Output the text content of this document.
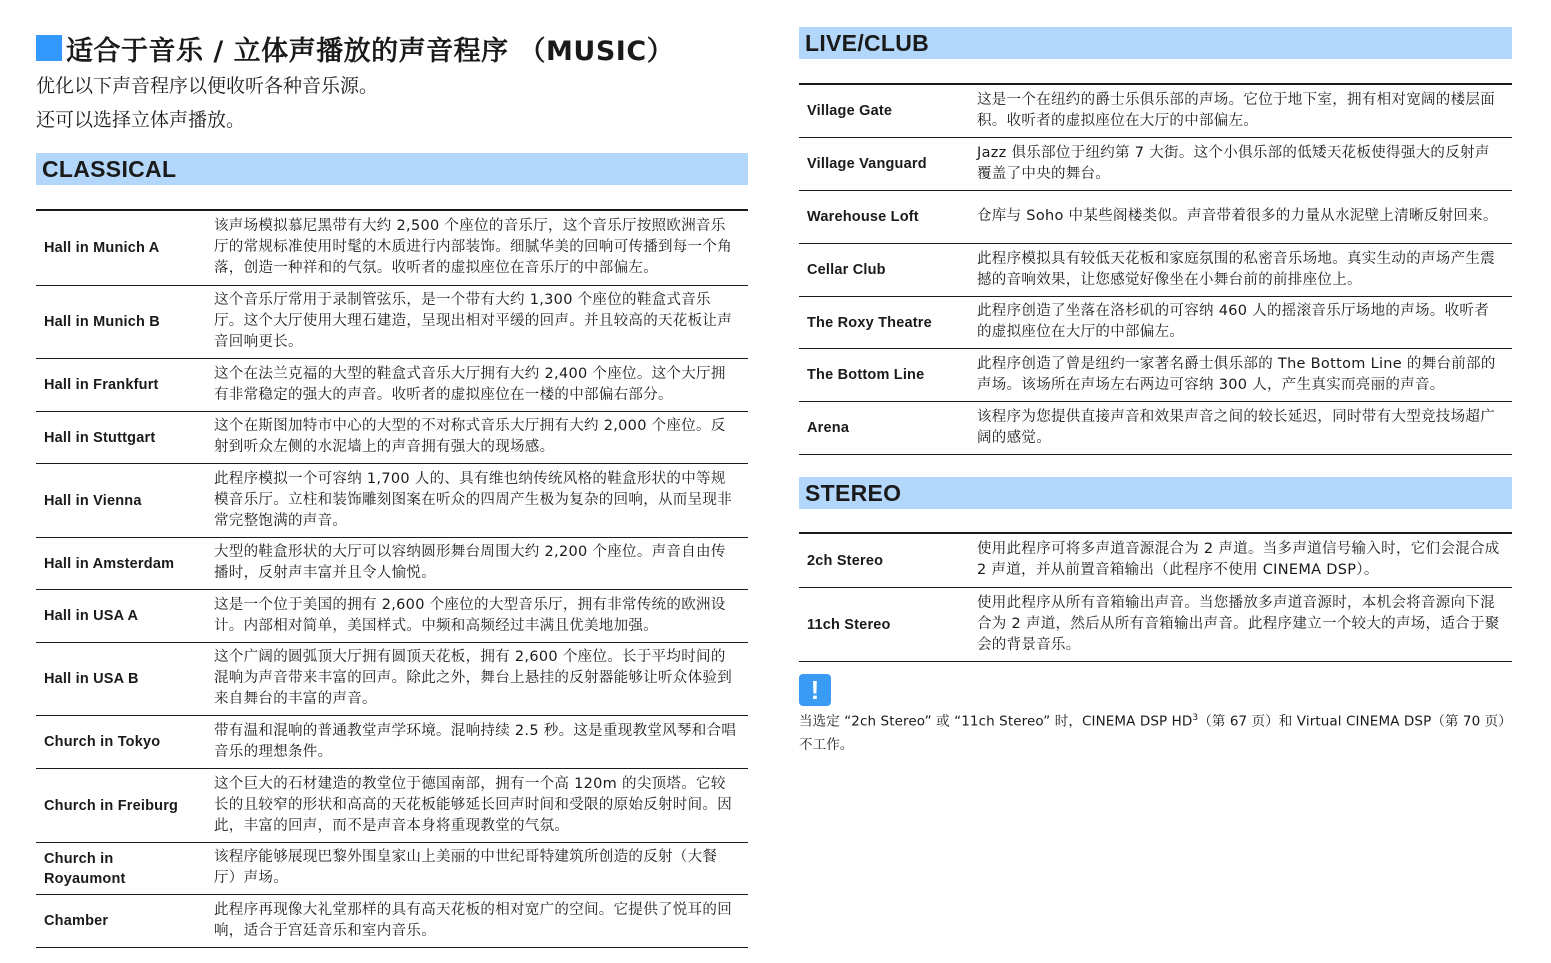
适合于音乐 / 立体声播放的声音程序 （MUSIC）
优化以下声音程序以便收听各种音乐源。
还可以选择立体声播放。
CLASSICAL
Hall in Munich A
该声场模拟慕尼黑带有大约 2,500 个座位的音乐厅，这个音乐厅按照欧洲音乐厅的常规标准使用时髦的木质进行内部装饰。细腻华美的回响可传播到每一个角落，创造一种祥和的气氛。收听者的虚拟座位在音乐厅的中部偏左。
Hall in Munich B
这个音乐厅常用于录制管弦乐，是一个带有大约 1,300 个座位的鞋盒式音乐厅。这个大厅使用大理石建造，呈现出相对平缓的回声。并且较高的天花板让声音回响更长。
Hall in Frankfurt
这个在法兰克福的大型的鞋盒式音乐大厅拥有大约 2,400 个座位。这个大厅拥有非常稳定的强大的声音。收听者的虚拟座位在一楼的中部偏右部分。
Hall in Stuttgart
这个在斯图加特市中心的大型的不对称式音乐大厅拥有大约 2,000 个座位。反射到听众左侧的水泥墙上的声音拥有强大的现场感。
Hall in Vienna
此程序模拟一个可容纳 1,700 人的、具有维也纳传统风格的鞋盒形状的中等规模音乐厅。立柱和装饰雕刻图案在听众的四周产生极为复杂的回响，从而呈现非常完整饱满的声音。
Hall in Amsterdam
大型的鞋盒形状的大厅可以容纳圆形舞台周围大约 2,200 个座位。声音自由传播时，反射声丰富并且令人愉悦。
Hall in USA A
这是一个位于美国的拥有 2,600 个座位的大型音乐厅，拥有非常传统的欧洲设计。内部相对简单，美国样式。中频和高频经过丰满且优美地加强。
Hall in USA B
这个广阔的圆弧顶大厅拥有圆顶天花板，拥有 2,600 个座位。长于平均时间的混响为声音带来丰富的回声。除此之外，舞台上悬挂的反射器能够让听众体验到来自舞台的丰富的声音。
Church in Tokyo
带有温和混响的普通教堂声学环境。混响持续 2.5 秒。这是重现教堂风琴和合唱音乐的理想条件。
Church in Freiburg
这个巨大的石材建造的教堂位于德国南部，拥有一个高 120m 的尖顶塔。它较长的且较窄的形状和高高的天花板能够延长回声时间和受限的原始反射时间。因此，丰富的回声，而不是声音本身将重现教堂的气氛。
Church in Royaumont
该程序能够展现巴黎外围皇家山上美丽的中世纪哥特建筑所创造的反射（大餐厅）声场。
Chamber
此程序再现像大礼堂那样的具有高天花板的相对宽广的空间。它提供了悦耳的回响，适合于宫廷音乐和室内音乐。
LIVE/CLUB
Village Gate
这是一个在纽约的爵士乐俱乐部的声场。它位于地下室，拥有相对宽阔的楼层面积。收听者的虚拟座位在大厅的中部偏左。
Village Vanguard
Jazz 俱乐部位于纽约第 7 大街。这个小俱乐部的低矮天花板使得强大的反射声覆盖了中央的舞台。
Warehouse Loft	仓库与 Soho 中某些阁楼类似。声音带着很多的力量从水泥壁上清晰反射回来。
Cellar Club
此程序模拟具有较低天花板和家庭氛围的私密音乐场地。真实生动的声场产生震撼的音响效果，让您感觉好像坐在小舞台前的前排座位上。
The Roxy Theatre
此程序创造了坐落在洛杉矶的可容纳 460 人的摇滚音乐厅场地的声场。收听者的虚拟座位在大厅的中部偏左。
The Bottom Line
此程序创造了曾是纽约一家著名爵士俱乐部的 The Bottom Line 的舞台前部的声场。该场所在声场左右两边可容纳 300 人，产生真实而亮丽的声音。
Arena
该程序为您提供直接声音和效果声音之间的较长延迟，同时带有大型竞技场超广阔的感觉。
STEREO
2ch Stereo
使用此程序可将多声道音源混合为 2 声道。当多声道信号输入时，它们会混合成 2 声道，并从前置音箱输出（此程序不使用 CINEMA DSP）。
11ch Stereo
使用此程序从所有音箱输出声音。当您播放多声道音源时，本机会将音源向下混合为 2 声道，然后从所有音箱输出声音。此程序建立一个较大的声场，适合于聚会的背景音乐。
!
当选定 “2ch Stereo” 或 “11ch Stereo” 时，CINEMA DSP $HD^3$（第 67 页）和 Virtual CINEMA DSP（第 70 页）不工作。
